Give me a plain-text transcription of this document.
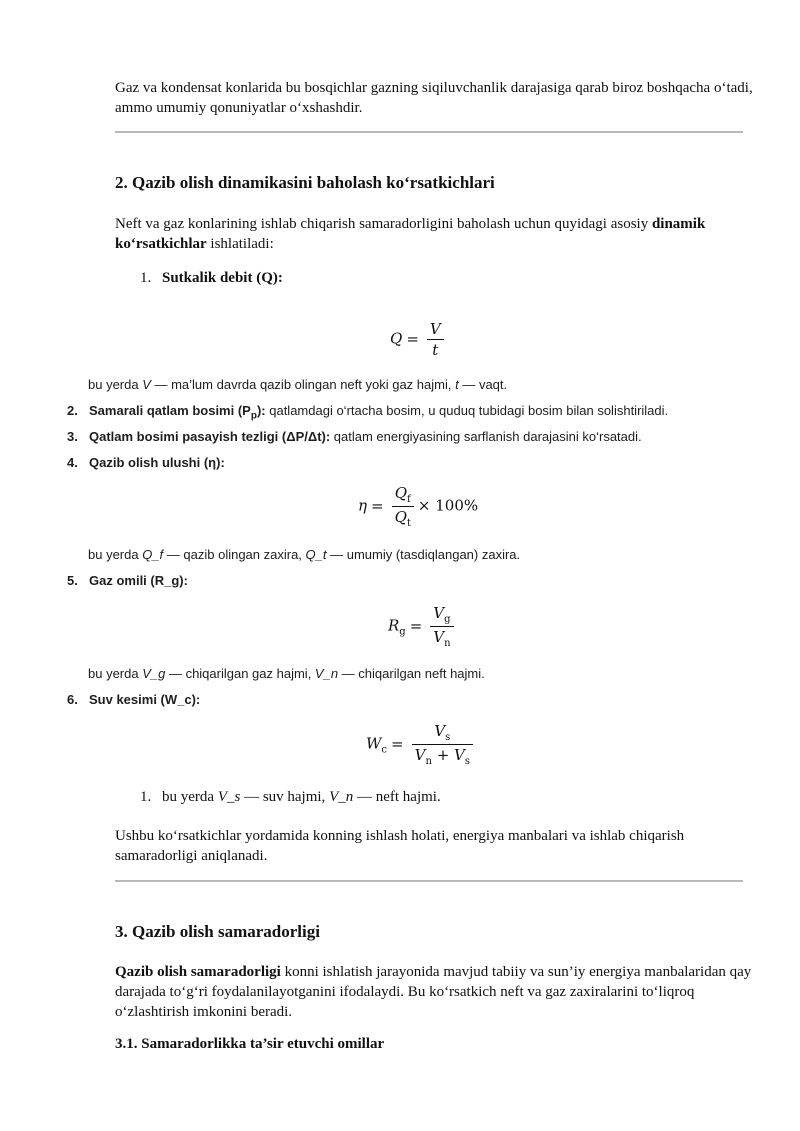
Gaz va kondensat konlarida bu bosqichlar gazning siqiluvchanlik darajasiga qarab biroz boshqacha o‘tadi, ammo umumiy qonuniyatlar o‘xshashdir.
2. Qazib olish dinamikasini baholash ko‘rsatkichlari
Neft va gaz konlarining ishlab chiqarish samaradorligini baholash uchun quyidagi asosiy dinamik ko‘rsatkichlar ishlatiladi:
1. Sutkalik debit (Q):
$Q = \frac{V}{t}$
bu yerda V — ma’lum davrda qazib olingan neft yoki gaz hajmi, t — vaqt.
2. Samarali qatlam bosimi $(P_p)$: qatlamdagi o‘rtacha bosim, u quduq tubidagi bosim bilan solishtiriladi.
3. Qatlam bosimi pasayish tezligi (ΔP/Δt): qatlam energiyasining sarflanish darajasini ko‘rsatadi.
4. Qazib olish ulushi (η):
$\eta = \frac{Q_f}{Q_t} \times 100\%$
bu yerda Q_f — qazib olingan zaxira, Q_t — umumiy (tasdiqlangan) zaxira.
5. Gaz omili (R_g):
$R_g = \frac{V_g}{V_n}$
bu yerda V_g — chiqarilgan gaz hajmi, V_n — chiqarilgan neft hajmi.
6. Suv kesimi (W_c):
$W_c = \frac{V_s}{V_n + V_s}$
1. bu yerda V_s — suv hajmi, V_n — neft hajmi.
Ushbu ko‘rsatkichlar yordamida konning ishlash holati, energiya manbalari va ishlab chiqarish samaradorligi aniqlanadi.
3. Qazib olish samaradorligi
Qazib olish samaradorligi konni ishlatish jarayonida mavjud tabiiy va sun’iy energiya manbalaridan qay darajada to‘g‘ri foydalanilayotganini ifodalaydi. Bu ko‘rsatkich neft va gaz zaxiralarini to‘liqroq o‘zlashtirish imkonini beradi.
3.1. Samaradorlikka ta’sir etuvchi omillar
